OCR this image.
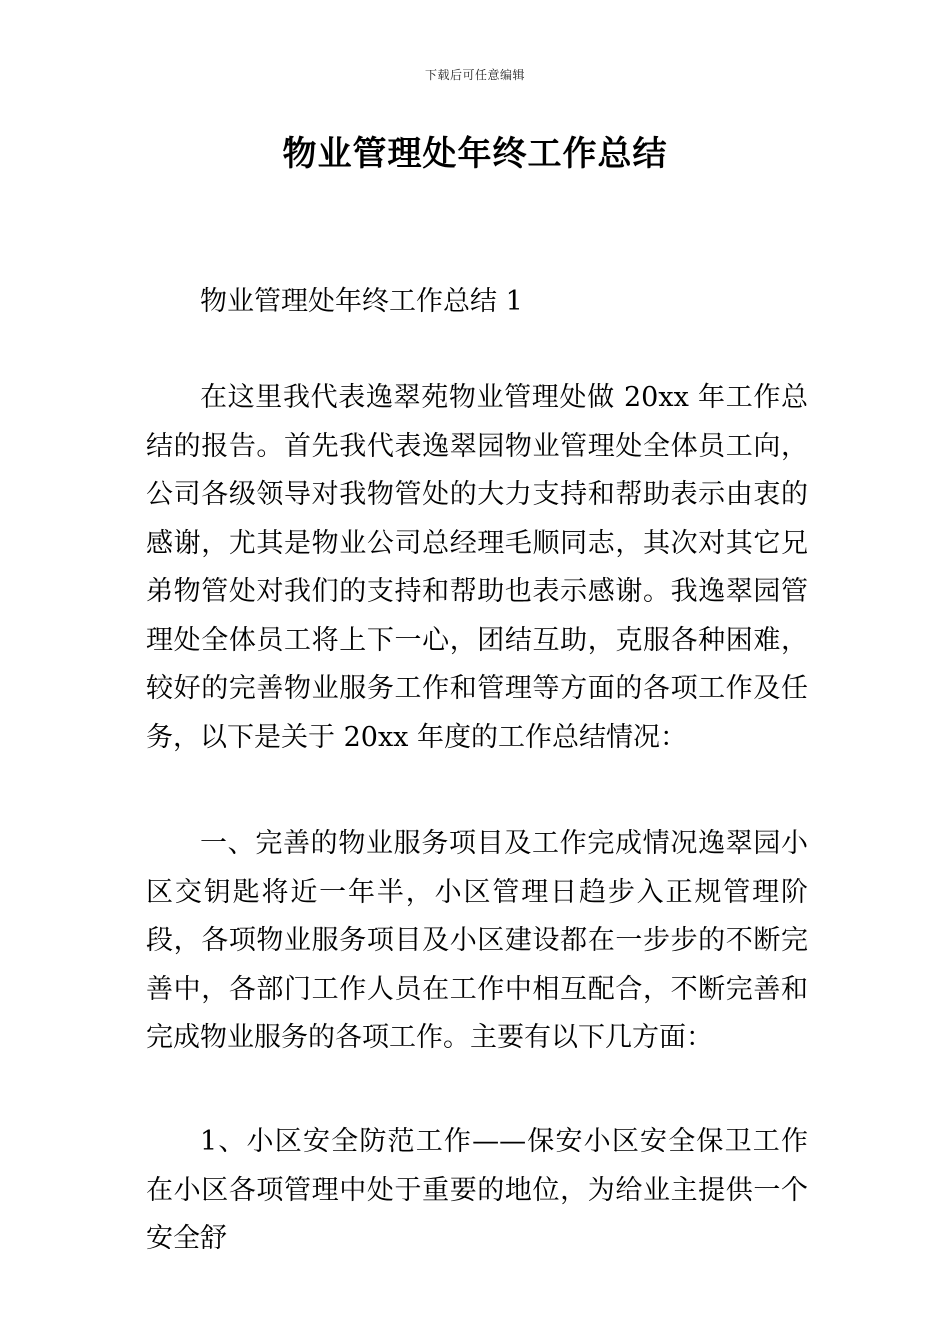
下载后可任意编辑
物业管理处年终工作总结

物业管理处年终工作总结 1

在这里我代表逸翠苑物业管理处做 20xx 年工作总结的报告。首先我代表逸翠园物业管理处全体员工向，公司各级领导对我物管处的大力支持和帮助表示由衷的感谢，尤其是物业公司总经理毛顺同志，其次对其它兄弟物管处对我们的支持和帮助也表示感谢。我逸翠园管理处全体员工将上下一心，团结互助，克服各种困难，较好的完善物业服务工作和管理等方面的各项工作及任务，以下是关于 20xx 年度的工作总结情况：

一、完善的物业服务项目及工作完成情况逸翠园小区交钥匙将近一年半，小区管理日趋步入正规管理阶段，各项物业服务项目及小区建设都在一步步的不断完善中，各部门工作人员在工作中相互配合，不断完善和完成物业服务的各项工作。主要有以下几方面：

1、小区安全防范工作——保安小区安全保卫工作在小区各项管理中处于重要的地位，为给业主提供一个安全舒
